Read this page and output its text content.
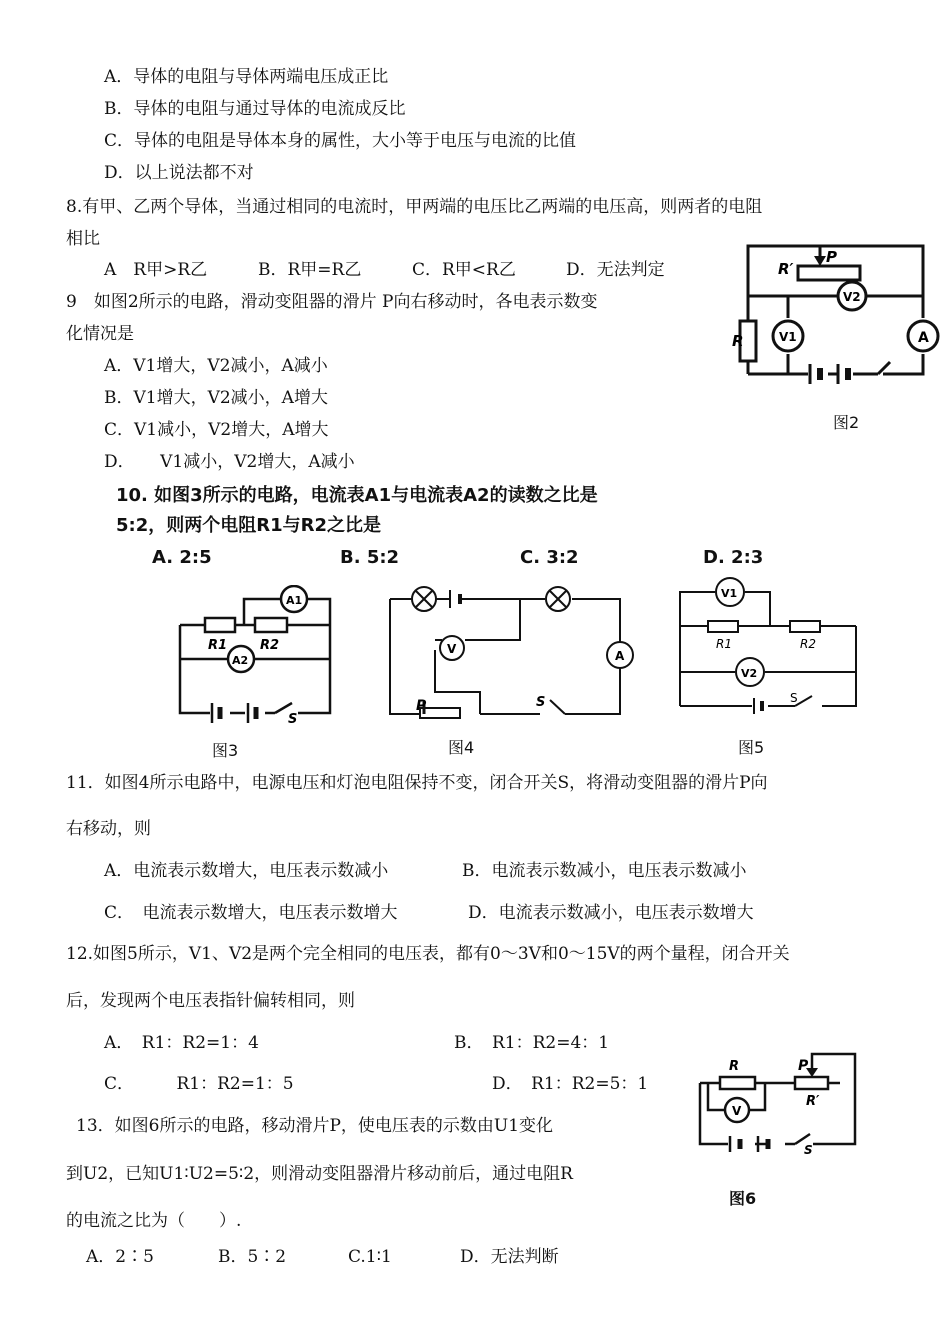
A．导体的电阻与导体两端电压成正比
B．导体的电阻与通过导体的电流成反比
C．导体的电阻是导体本身的属性，大小等于电压与电流的比值
D．以上说法都不对
8.有甲、乙两个导体，当通过相同的电流时，甲两端的电压比乙两端的电压高，则两者的电阻
相比
A　R甲>R乙	B．R甲=R乙	C．R甲<R乙	D．无法判定
9　如图2所示的电路，滑动变阻器的滑片 P向右移动时，各电表示数变
化情况是
A．V1增大，V2减小，A减小
B．V1增大，V2减小，A增大
C．V1减小，V2增大，A增大
D．　　V1减小，V2增大，A减小
R
R′
P
V1
V2
A
图2
10. 如图3所示的电路，电流表A1与电流表A2的读数之比是
5:2，则两个电阻R1与R2之比是
A. 2:5	B. 5:2	C. 3:2	D. 2:3
A1
A2
R1	R2
S
图3
V	A
P	S
图4
V1
V2
R1	R2
S
图5
11．如图4所示电路中，电源电压和灯泡电阻保持不变，闭合开关S，将滑动变阻器的滑片P向
右移动，则
A．电流表示数增大，电压表示数减小	B．电流表示数减小，电压表示数减小
C．　电流表示数增大，电压表示数增大	D．电流表示数减小，电压表示数增大
12.如图5所示，V1、V2是两个完全相同的电压表，都有0～3V和0～15V的两个量程，闭合开关
后，发现两个电压表指针偏转相同，则
A．　R1：R2=1：4	B．　R1：R2=4：1
C．　　　R1：R2=1：5	D．　R1：R2=5：1
R	P
R′
V
S
图6
13．如图6所示的电路，移动滑片P，使电压表的示数由U1变化
到U2，已知U1∶U2=5∶2，则滑动变阻器滑片移动前后，通过电阻R
的电流之比为（　　）.
A．2∶5	B．5∶2	C.1∶1	D．无法判断
